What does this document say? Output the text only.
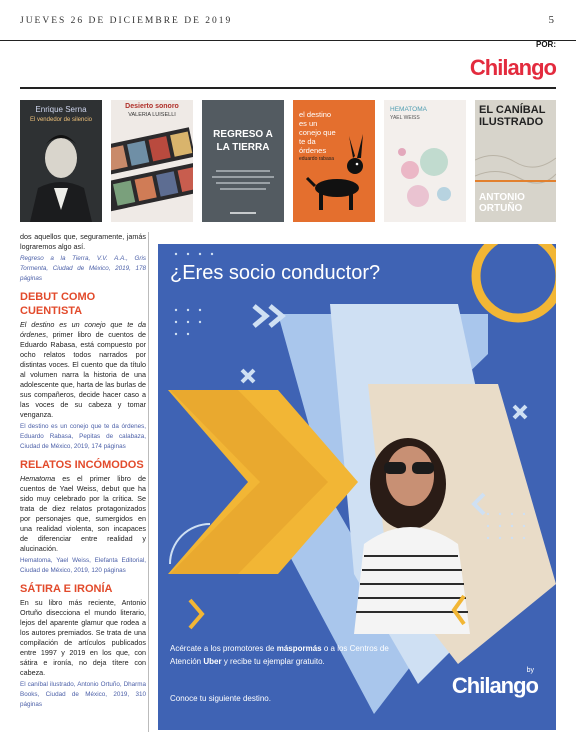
JUEVES 26 DE DICIEMBRE DE 2019	5
POR:
Chilango
Enrique Serna
El vendedor de silencio
Desierto sonoro
VALERIA LUISELLI
REGRESO A LA TIERRA
el destino es un conejo que te da órdenes
eduardo rabasa
HEMATOMA
YAEL WEISS
EL CANÍBAL ILUSTRADO
ANTONIO ORTUÑO

dos aquellos que, seguramente, jamás lograremos algo así.

Regreso a la Tierra, V.V. A.A., Gris Tormenta, Ciudad de México, 2019, 178 páginas

DEBUT COMO CUENTISTA

El destino es un conejo que te da órdenes, primer libro de cuentos de Eduardo Rabasa, está compuesto por ocho relatos todos narrados por distintas voces. El cuento que da título al volumen narra la historia de una adolescente que, harta de las burlas de sus compañeros, decide hacer caso a las voces de su cabeza y tomar venganza.

El destino es un conejo que te da órdenes, Eduardo Rabasa, Pepitas de calabaza, Ciudad de México, 2019, 174 páginas

RELATOS INCÓMODOS

Hematoma es el primer libro de cuentos de Yael Weiss, debut que ha sido muy celebrado por la crítica. Se trata de diez relatos protagonizados por personajes que, sumergidos en una realidad violenta, son incapaces de diferenciar entre realidad y alucinación.

Hematoma, Yael Weiss, Elefanta Editorial, Ciudad de México, 2019, 120 páginas

SÁTIRA E IRONÍA

En su libro más reciente, Antonio Ortuño disecciona el mundo literario, lejos del aparente glamur que rodea a los autores premiados. Se trata de una compilación de artículos publicados entre 1997 y 2019 en los que, con sátira e ironía, no deja títere con cabeza.

El caníbal ilustrado, Antonio Ortuño, Dharma Books, Ciudad de México, 2019, 310 páginas

¿Eres socio conductor?
Acércate a los promotores de máspormás o a los Centros de Atención Uber y recibe tu ejemplar gratuito.
Conoce tu siguiente destino.
by
Chilango
